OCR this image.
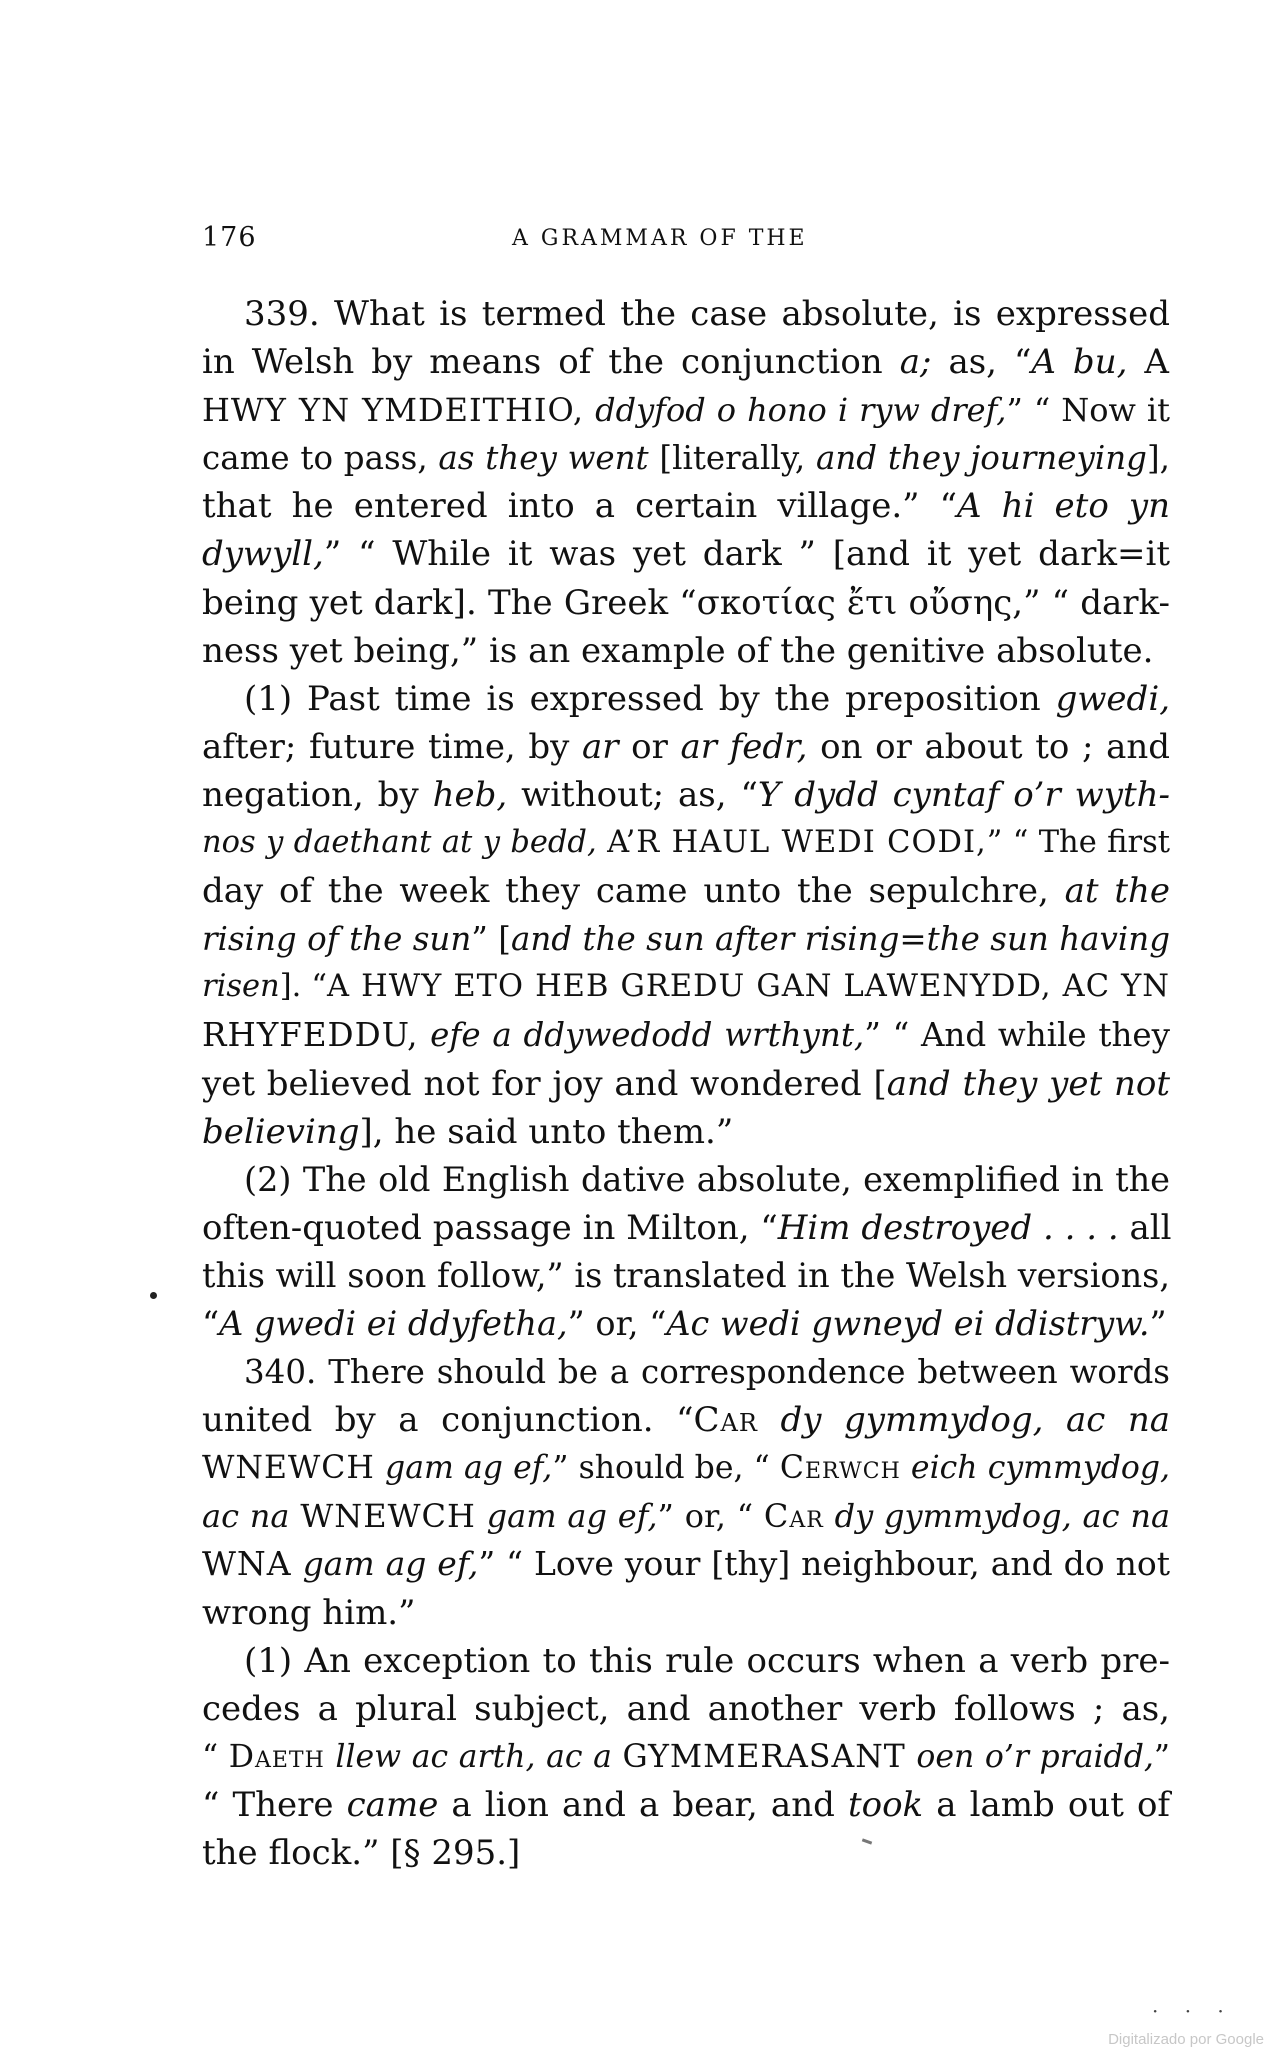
176	A GRAMMAR OF THE
339. What is termed the case absolute, is expressed
in Welsh by means of the conjunction a; as, “A bu, A
HWY YN YMDEITHIO, ddyfod o hono i ryw dref,” “ Now it
came to pass, as they went [literally, and they journeying],
that he entered into a certain village.” “A hi eto yn
dywyll,” “ While it was yet dark ” [and it yet dark=it
being yet dark]. The Greek “σκοτίας ἔτι οὔσης,” “ dark-
ness yet being,” is an example of the genitive absolute.
(1) Past time is expressed by the preposition gwedi,
after; future time, by ar or ar fedr, on or about to ; and
negation, by heb, without; as, “Y dydd cyntaf o’r wyth-
nos y daethant at y bedd, A’R HAUL WEDI CODI,” “ The first
day of the week they came unto the sepulchre, at the
rising of the sun” [and the sun after rising=the sun having
risen]. “A HWY ETO HEB GREDU GAN LAWENYDD, AC YN
RHYFEDDU, efe a ddywedodd wrthynt,” “ And while they
yet believed not for joy and wondered [and they yet not
believing], he said unto them.”
(2) The old English dative absolute, exemplified in the
often-quoted passage in Milton, “Him destroyed . . . . all
this will soon follow,” is translated in the Welsh versions,
“A gwedi ei ddyfetha,” or, “Ac wedi gwneyd ei ddistryw.”
340. There should be a correspondence between words
united by a conjunction. “Car dy gymmydog, ac na
WNEWCH gam ag ef,” should be, “ Cerwch eich cymmydog,
ac na WNEWCH gam ag ef,” or, “ Car dy gymmydog, ac na
WNA gam ag ef,” “ Love your [thy] neighbour, and do not
wrong him.”
(1) An exception to this rule occurs when a verb pre-
cedes a plural subject, and another verb follows ; as,
“ Daeth llew ac arth, ac a GYMMERASANT oen o’r praidd,”
“ There came a lion and a bear, and took a lamb out of
the flock.” [§ 295.]
· · ·
Digitalizado por Google
